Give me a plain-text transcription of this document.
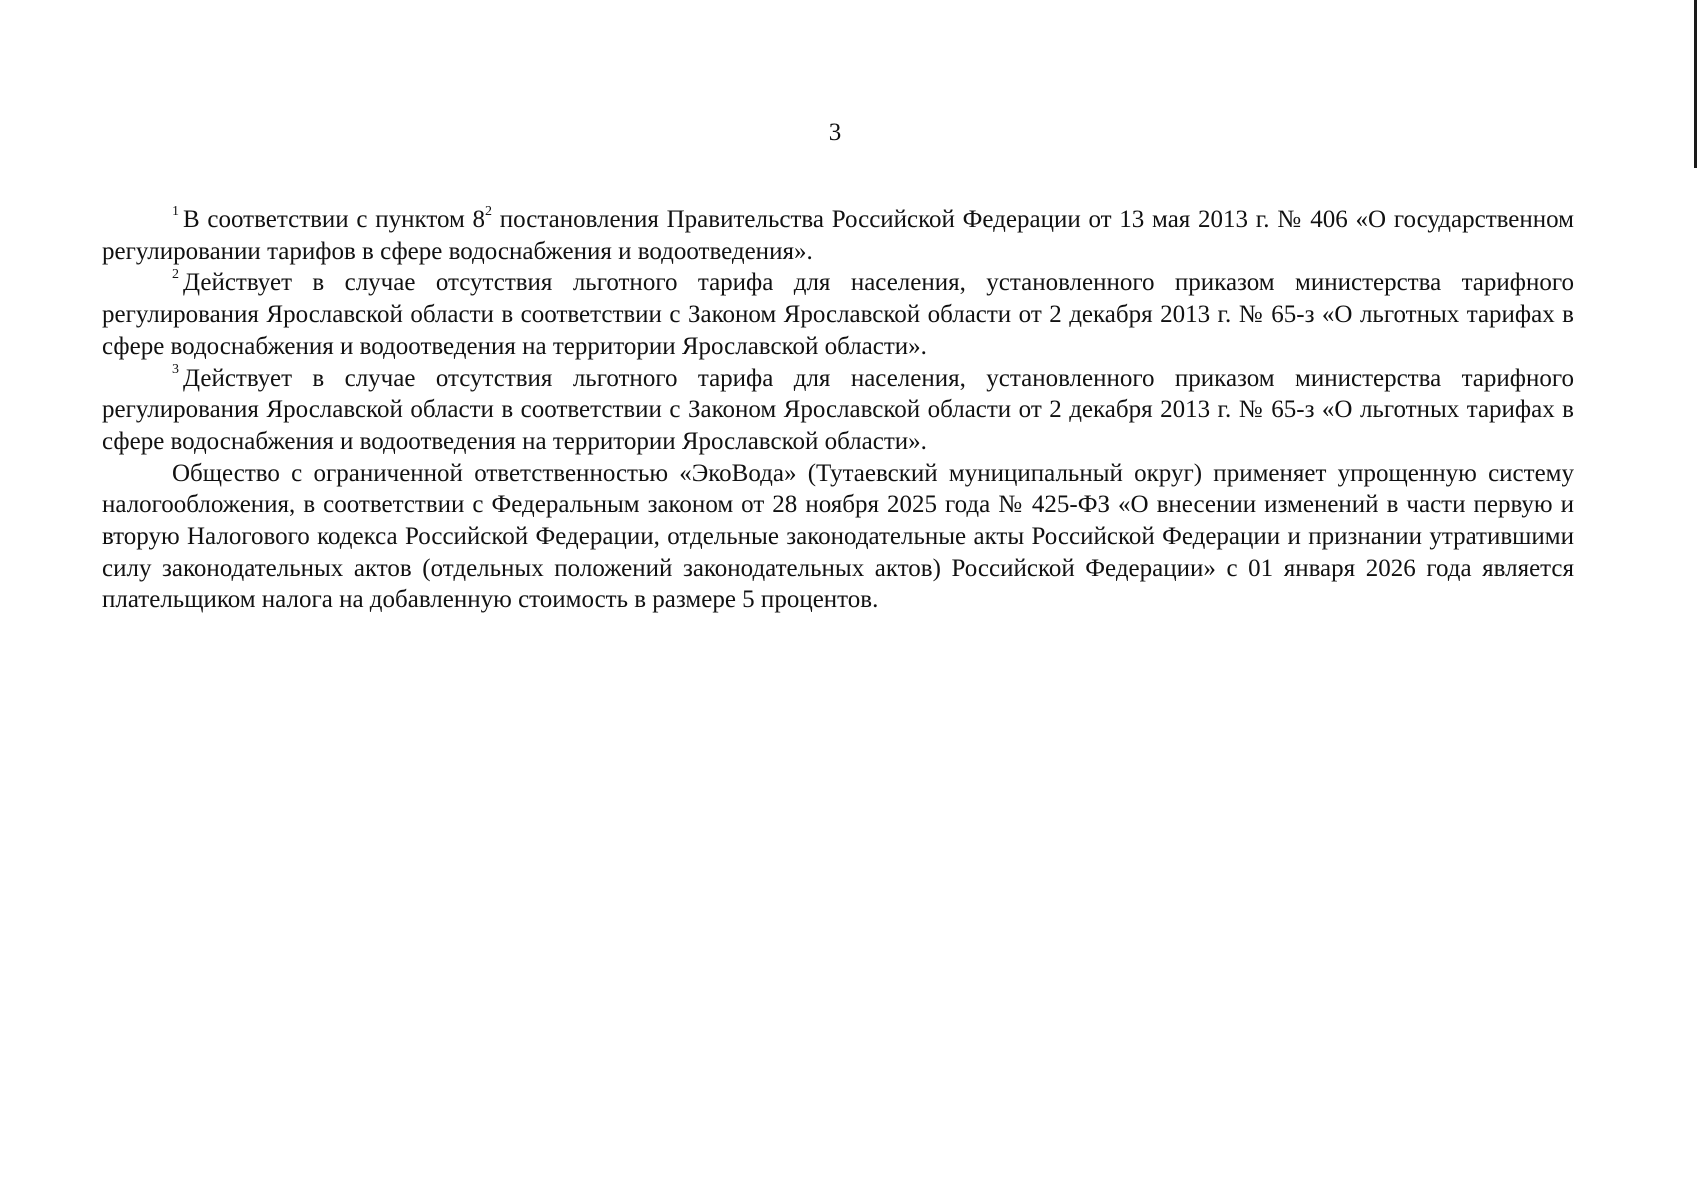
3

$^1$ В соответствии с пунктом $8^2$ постановления Правительства Российской Федерации от 13 мая 2013 г. № 406 «О государственном регулировании тарифов в сфере водоснабжения и водоотведения».

$^2$ Действует в случае отсутствия льготного тарифа для населения, установленного приказом министерства тарифного регулирования Ярославской области в соответствии с Законом Ярославской области от 2 декабря 2013 г. № 65-з «О льготных тарифах в сфере водоснабжения и водоотведения на территории Ярославской области».

$^3$ Действует в случае отсутствия льготного тарифа для населения, установленного приказом министерства тарифного регулирования Ярославской области в соответствии с Законом Ярославской области от 2 декабря 2013 г. № 65-з «О льготных тарифах в сфере водоснабжения и водоотведения на территории Ярославской области».

Общество с ограниченной ответственностью «ЭкоВода» (Тутаевский муниципальный округ) применяет упрощенную систему налогообложения, в соответствии с Федеральным законом от 28 ноября 2025 года № 425-ФЗ «О внесении изменений в части первую и вторую Налогового кодекса Российской Федерации, отдельные законодательные акты Российской Федерации и признании утратившими силу законодательных актов (отдельных положений законодательных актов) Российской Федерации» с 01 января 2026 года является плательщиком налога на добавленную стоимость в размере 5 процентов.
